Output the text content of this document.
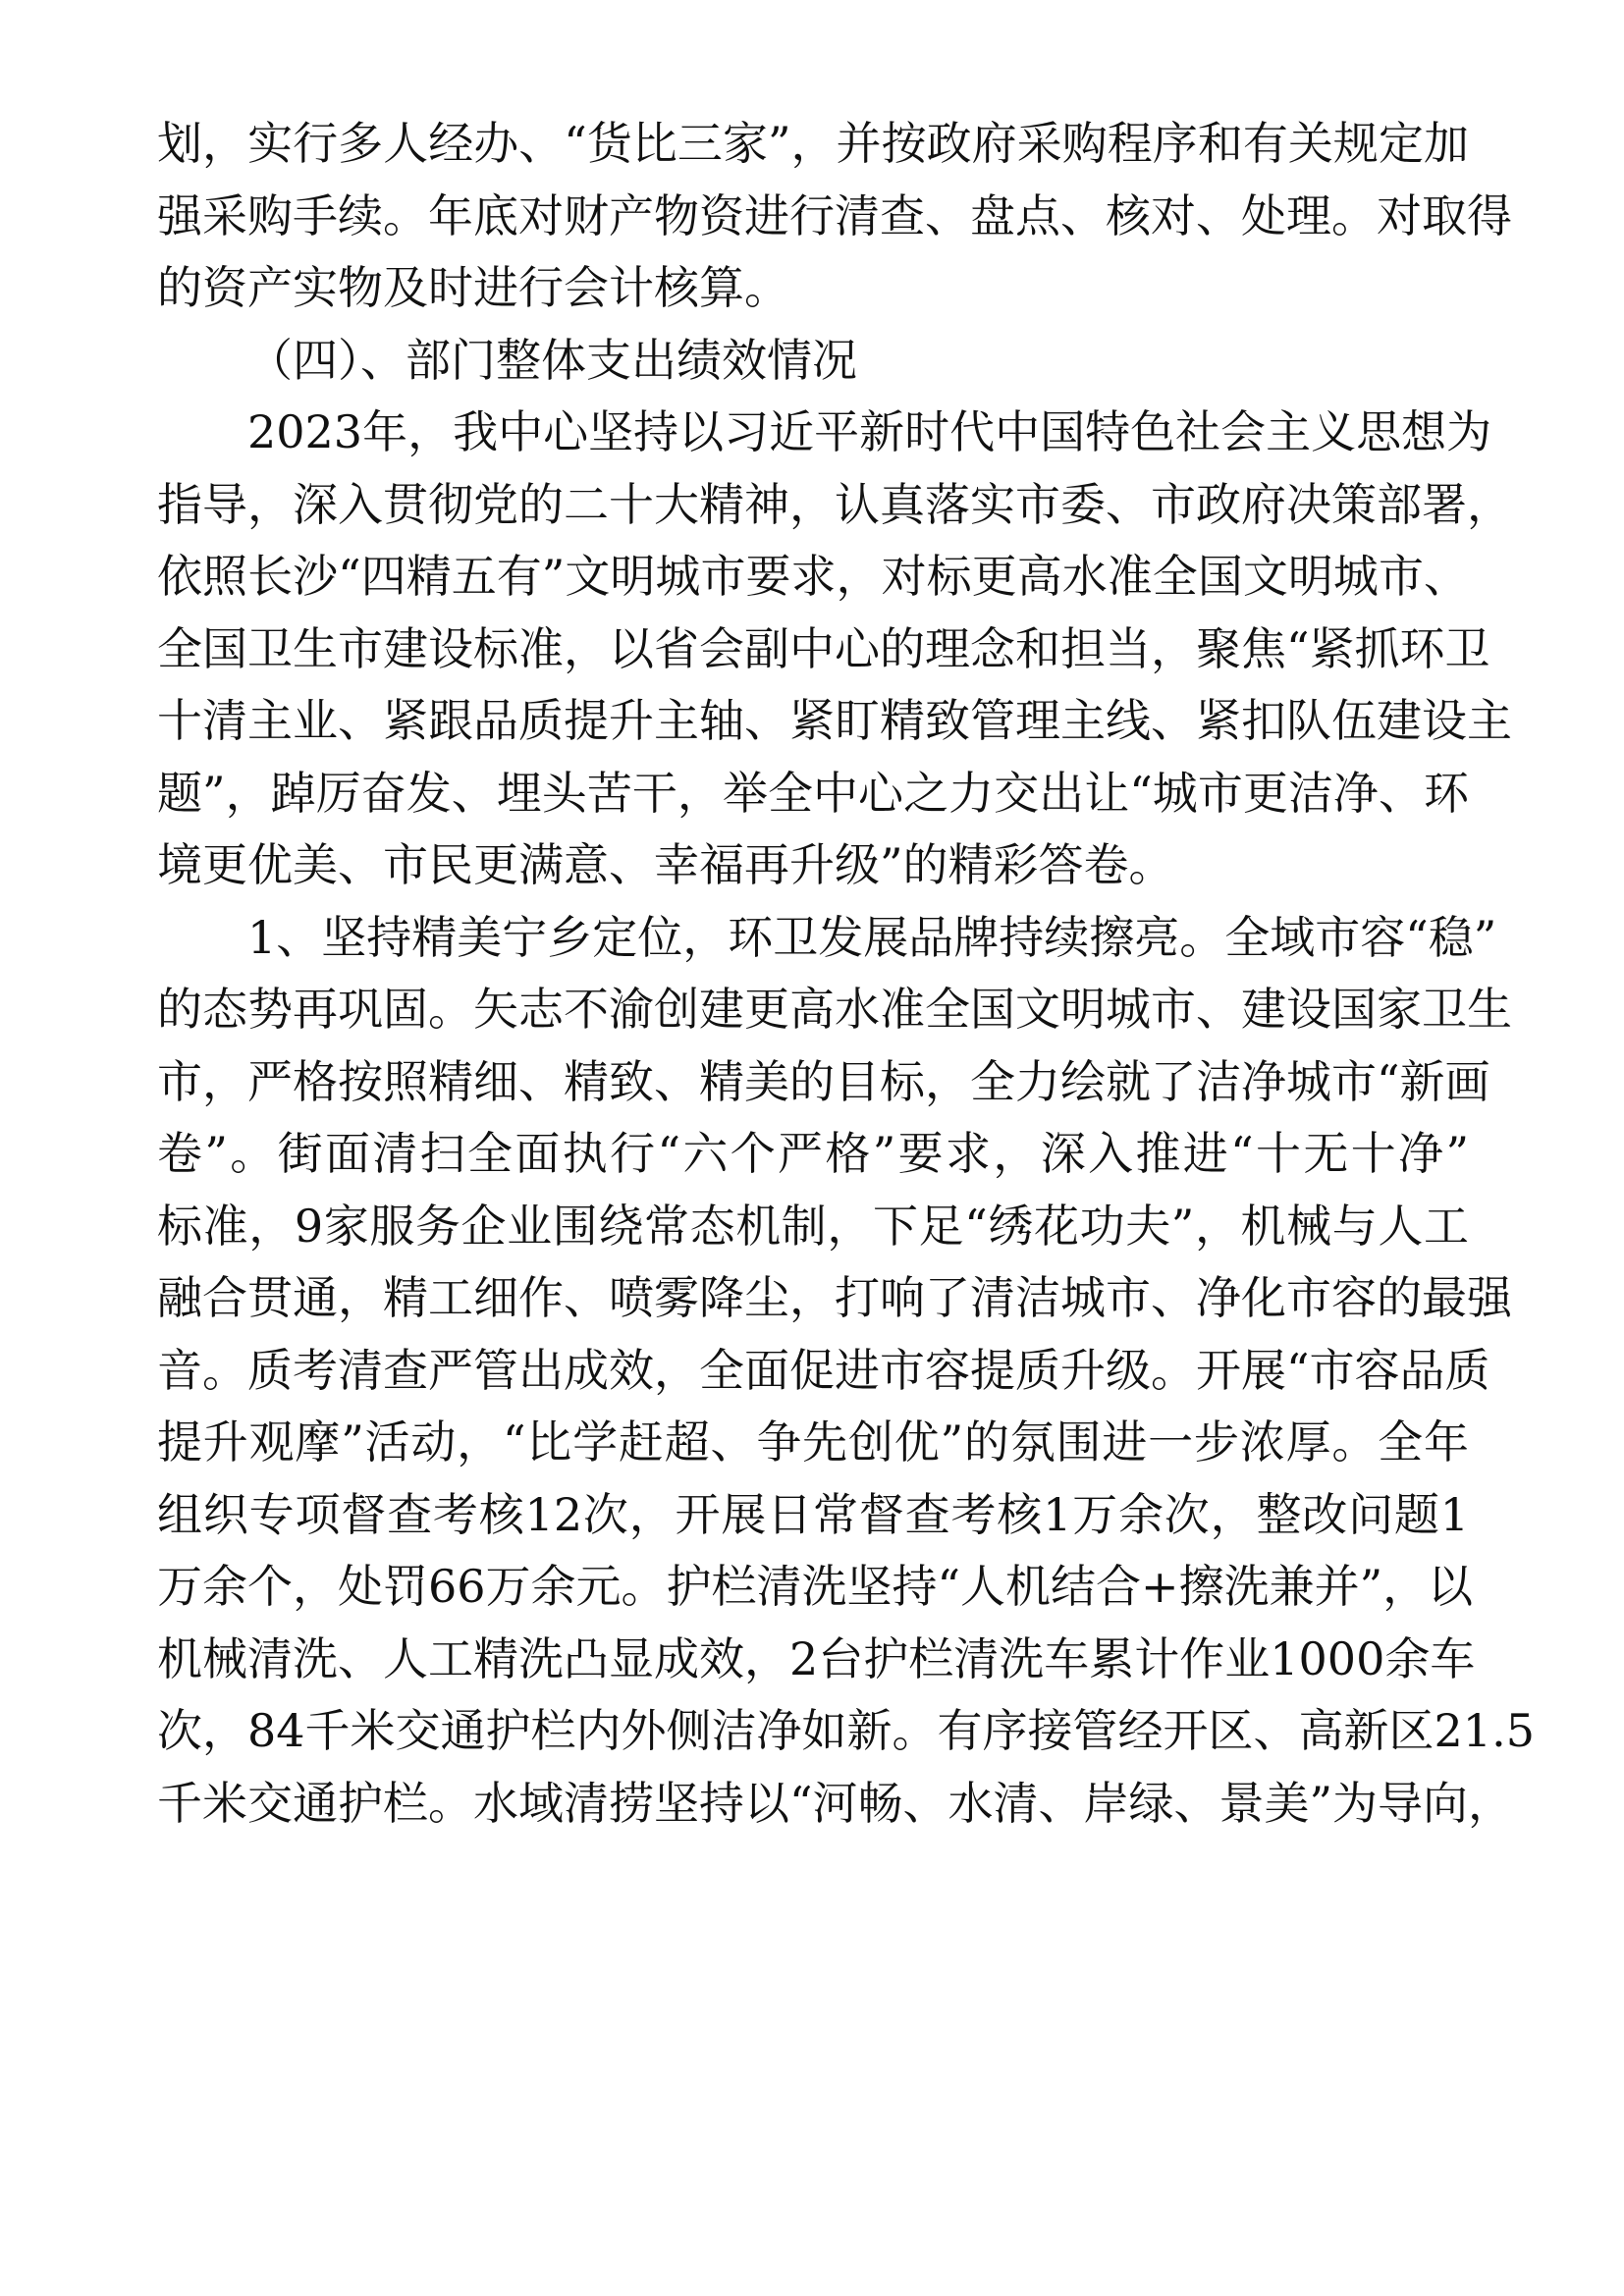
划，实行多人经办、“货比三家”，并按政府采购程序和有关规定加
强采购手续。年底对财产物资进行清查、盘点、核对、处理。对取得
的资产实物及时进行会计核算。
（四）、部门整体支出绩效情况
2023年，我中心坚持以习近平新时代中国特色社会主义思想为
指导，深入贯彻党的二十大精神，认真落实市委、市政府决策部署，
依照长沙“四精五有”文明城市要求，对标更高水准全国文明城市、
全国卫生市建设标准，以省会副中心的理念和担当，聚焦“紧抓环卫
十清主业、紧跟品质提升主轴、紧盯精致管理主线、紧扣队伍建设主
题”，踔厉奋发、埋头苦干，举全中心之力交出让“城市更洁净、环
境更优美、市民更满意、幸福再升级”的精彩答卷。
1、坚持精美宁乡定位，环卫发展品牌持续擦亮。全域市容“稳”
的态势再巩固。矢志不渝创建更高水准全国文明城市、建设国家卫生
市，严格按照精细、精致、精美的目标，全力绘就了洁净城市“新画
卷”。街面清扫全面执行“六个严格”要求，深入推进“十无十净”
标准，9家服务企业围绕常态机制，下足“绣花功夫”，机械与人工
融合贯通，精工细作、喷雾降尘，打响了清洁城市、净化市容的最强
音。质考清查严管出成效，全面促进市容提质升级。开展“市容品质
提升观摩”活动，“比学赶超、争先创优”的氛围进一步浓厚。全年
组织专项督查考核12次，开展日常督查考核1万余次，整改问题1
万余个，处罚66万余元。护栏清洗坚持“人机结合+擦洗兼并”，以
机械清洗、人工精洗凸显成效，2台护栏清洗车累计作业1000余车
次，84千米交通护栏内外侧洁净如新。有序接管经开区、高新区21.5
千米交通护栏。水域清捞坚持以“河畅、水清、岸绿、景美”为导向，
